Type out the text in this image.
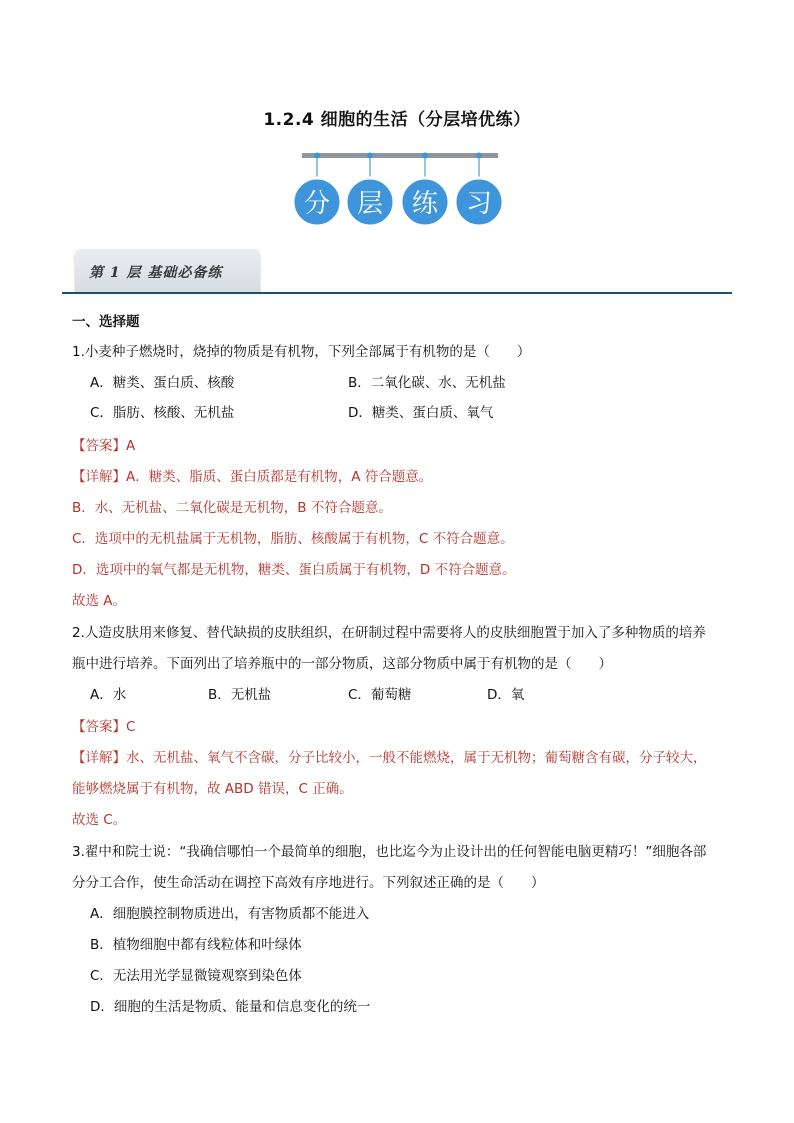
1.2.4 细胞的生活（分层培优练）
分 层 练 习
第 1 层 基础必备练
一、选择题
1.小麦种子燃烧时，烧掉的物质是有机物，下列全部属于有机物的是（　　）
A．糖类、蛋白质、核酸	B．二氧化碳、水、无机盐
C．脂肪、核酸、无机盐	D．糖类、蛋白质、氧气
【答案】A
【详解】A．糖类、脂质、蛋白质都是有机物，A 符合题意。
B．水、无机盐、二氧化碳是无机物，B 不符合题意。
C．选项中的无机盐属于无机物，脂肪、核酸属于有机物，C 不符合题意。
D．选项中的氧气都是无机物，糖类、蛋白质属于有机物，D 不符合题意。
故选 A。
2.人造皮肤用来修复、替代缺损的皮肤组织，在研制过程中需要将人的皮肤细胞置于加入了多种物质的培养
瓶中进行培养。下面列出了培养瓶中的一部分物质，这部分物质中属于有机物的是（　　）
A．水	B．无机盐	C．葡萄糖	D．氧
【答案】C
【详解】水、无机盐、氧气不含碳，分子比较小，一般不能燃烧，属于无机物；葡萄糖含有碳，分子较大，
能够燃烧属于有机物，故 ABD 错误，C 正确。
故选 C。
3.翟中和院士说：“我确信哪怕一个最简单的细胞，也比迄今为止设计出的任何智能电脑更精巧！”细胞各部
分分工合作，使生命活动在调控下高效有序地进行。下列叙述正确的是（　　）
A．细胞膜控制物质进出，有害物质都不能进入
B．植物细胞中都有线粒体和叶绿体
C．无法用光学显微镜观察到染色体
D．细胞的生活是物质、能量和信息变化的统一
